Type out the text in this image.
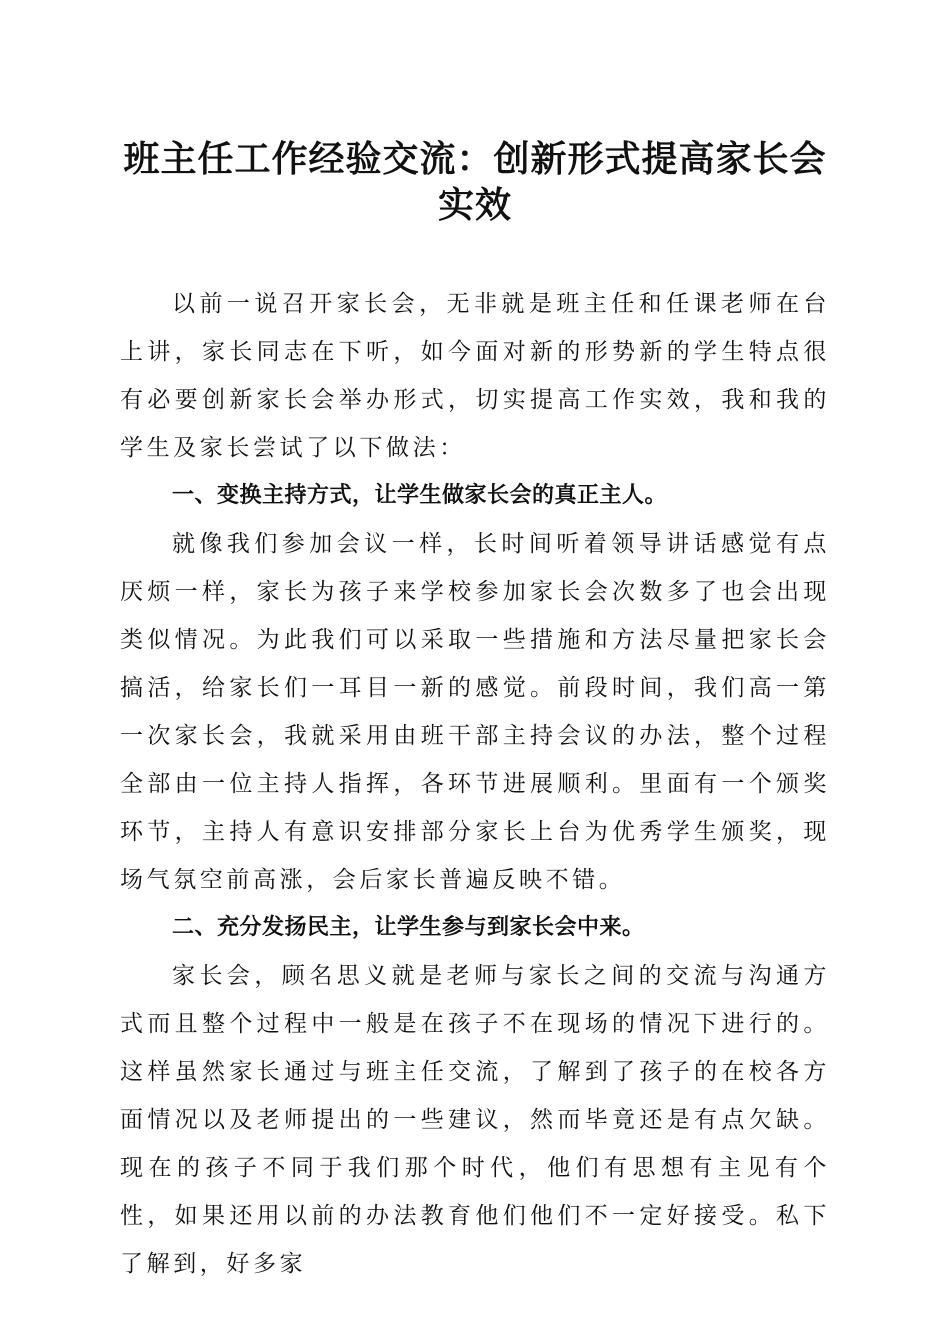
班主任工作经验交流：创新形式提高家长会实效

以前一说召开家长会，无非就是班主任和任课老师在台上讲，家长同志在下听，如今面对新的形势新的学生特点很有必要创新家长会举办形式，切实提高工作实效，我和我的学生及家长尝试了以下做法：

一、变换主持方式，让学生做家长会的真正主人。

就像我们参加会议一样，长时间听着领导讲话感觉有点厌烦一样，家长为孩子来学校参加家长会次数多了也会出现类似情况。为此我们可以采取一些措施和方法尽量把家长会搞活，给家长们一耳目一新的感觉。前段时间，我们高一第一次家长会，我就采用由班干部主持会议的办法，整个过程全部由一位主持人指挥，各环节进展顺利。里面有一个颁奖环节，主持人有意识安排部分家长上台为优秀学生颁奖，现场气氛空前高涨，会后家长普遍反映不错。

二、充分发扬民主，让学生参与到家长会中来。

家长会，顾名思义就是老师与家长之间的交流与沟通方式而且整个过程中一般是在孩子不在现场的情况下进行的。这样虽然家长通过与班主任交流，了解到了孩子的在校各方面情况以及老师提出的一些建议，然而毕竟还是有点欠缺。现在的孩子不同于我们那个时代，他们有思想有主见有个性，如果还用以前的办法教育他们他们不一定好接受。私下了解到，好多家
